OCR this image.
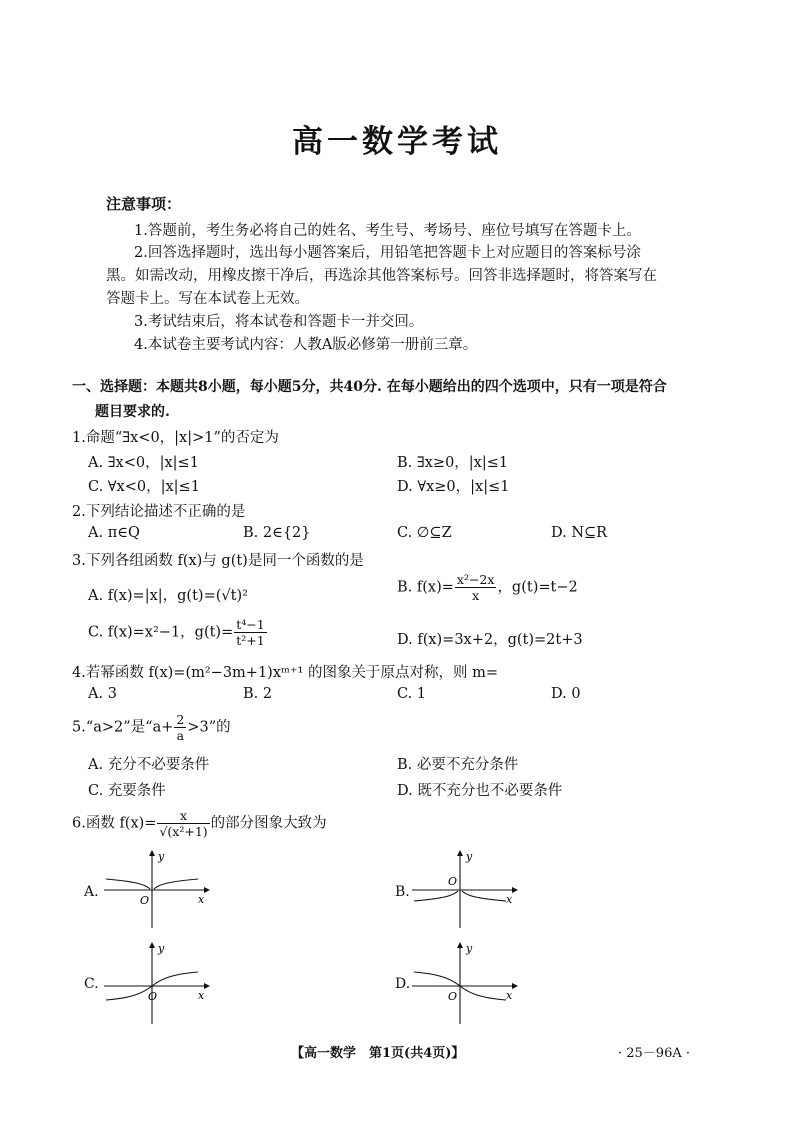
高一数学考试
注意事项：
1.答题前，考生务必将自己的姓名、考生号、考场号、座位号填写在答题卡上。
2.回答选择题时，选出每小题答案后，用铅笔把答题卡上对应题目的答案标号涂
黑。如需改动，用橡皮擦干净后，再选涂其他答案标号。回答非选择题时，将答案写在
答题卡上。写在本试卷上无效。
3.考试结束后，将本试卷和答题卡一并交回。
4.本试卷主要考试内容：人教A版必修第一册前三章。
一、选择题：本题共8小题，每小题5分，共40分. 在每小题给出的四个选项中，只有一项是符合
题目要求的.
1.命题“∃x<0，|x|>1”的否定为
A. ∃x<0，|x|≤1	B. ∃x≥0，|x|≤1
C. ∀x<0，|x|≤1	D. ∀x≥0，|x|≤1
2.下列结论描述不正确的是
A. π∈Q	B. 2∈{2}	C. ∅⊆Z	D. N⊆R
3.下列各组函数 f(x)与 g(t)是同一个函数的是
A. f(x)=|x|，g(t)=(√t)²
B. $f(x)= \frac{\text{x²−2x}}{x}$ ，g(t)=t−2
C. f(x)=x²−1，$g(t)= \frac{\text{t⁴−1}}{\text{t²+1}}$	D. f(x)=3x+2，g(t)=2t+3
4.若幂函数 f(x)=(m²−3m+1)xᵐ⁺¹ 的图象关于原点对称，则 m=
A. 3	B. 2	C. 1	D. 0
5.“a>2”是“$a+ \frac{2}{a} >3$”的
A. 充分不必要条件	B. 必要不充分条件
C. 充要条件	D. 既不充分也不必要条件
6.函数 $f(x)= \frac{x}{\text{√(x²+1)}}$ 的部分图象大致为
A.	B.
C.	D.
y
x
O
y
x
O
y
x
O
y
x
O
【高一数学　第1页(共4页)】	· 25－96A ·
